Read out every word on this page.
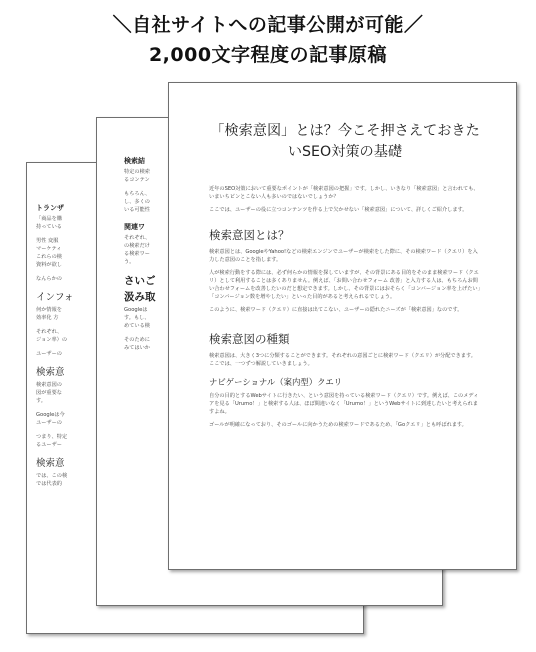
＼自社サイトへの記事公開が可能／
2,000文字程度の記事原稿

トランザ

「商品を購

持っている

男性 変服

マーケティ

これらの検

資料が欲し

なんらかの

インフォ

何か情報を

効率化 方

それぞれ、

ジョン率）の

ユーザーの

検索意

検索意図の

図が重要な

す。

Googleは今

ユーザーの

つまり、特定

るユーザー

検索意

では、この検

では代表的

検索結

特定の検索

るコンテン

もちろん、

し、多くの

いる可能性

関連ワ

それぞれ、

の検索だけ

る検索ワー

う。

さいご

汲み取

Googleは

す。もし、

めている検

そのために

みてはいか

「検索意図」とは？今こそ押さえておきたいSEO対策の基礎

近年のSEO対策において重要なポイントが「検索意図の把握」です。しかし、いきなり「検索意図」と言われても、いまいちピンとこない人も多いのではないでしょうか？

ここでは、ユーザーの役に立つコンテンツを作る上で欠かせない「検索意図」について、詳しくご紹介します。

検索意図とは？

検索意図とは、GoogleやYahoo!などの検索エンジンでユーザーが検索をした際に、その検索ワード（クエリ）を入力した意図のことを指します。

人が検索行動をする際には、必ず何らかの情報を探していますが、その背景にある目的をそのまま検索ワード（クエリ）として利用することは多くありません。例えば、「お問い合わせフォーム 改善」と入力する人は、もちろんお問い合わせフォームを改善したいのだと想定できます。しかし、その背景にはおそらく「コンバージョン率を上げたい」「コンバージョン数を増やしたい」といった目的があると考えられるでしょう。

このように、検索ワード（クエリ）に直接は出てこない、ユーザーの隠れたニーズが「検索意図」なのです。

検索意図の種類

検索意図は、大きく3つに分類することができます。それぞれの意図ごとに検索ワード（クエリ）が分配できます。ここでは、一つずつ解説していきましょう。

ナビゲーショナル（案内型）クエリ

自分の目的とするWebサイトに行きたい、という意図を持っている検索ワード（クエリ）です。例えば、このメディアを見る「Urumo！」と検索する人は、ほぼ間違いなく「Urumo！」というWebサイトに到達したいと考えられますよね。

ゴールが明確になっており、そのゴールに向かうための検索ワードであるため、「Goクエリ」とも呼ばれます。
